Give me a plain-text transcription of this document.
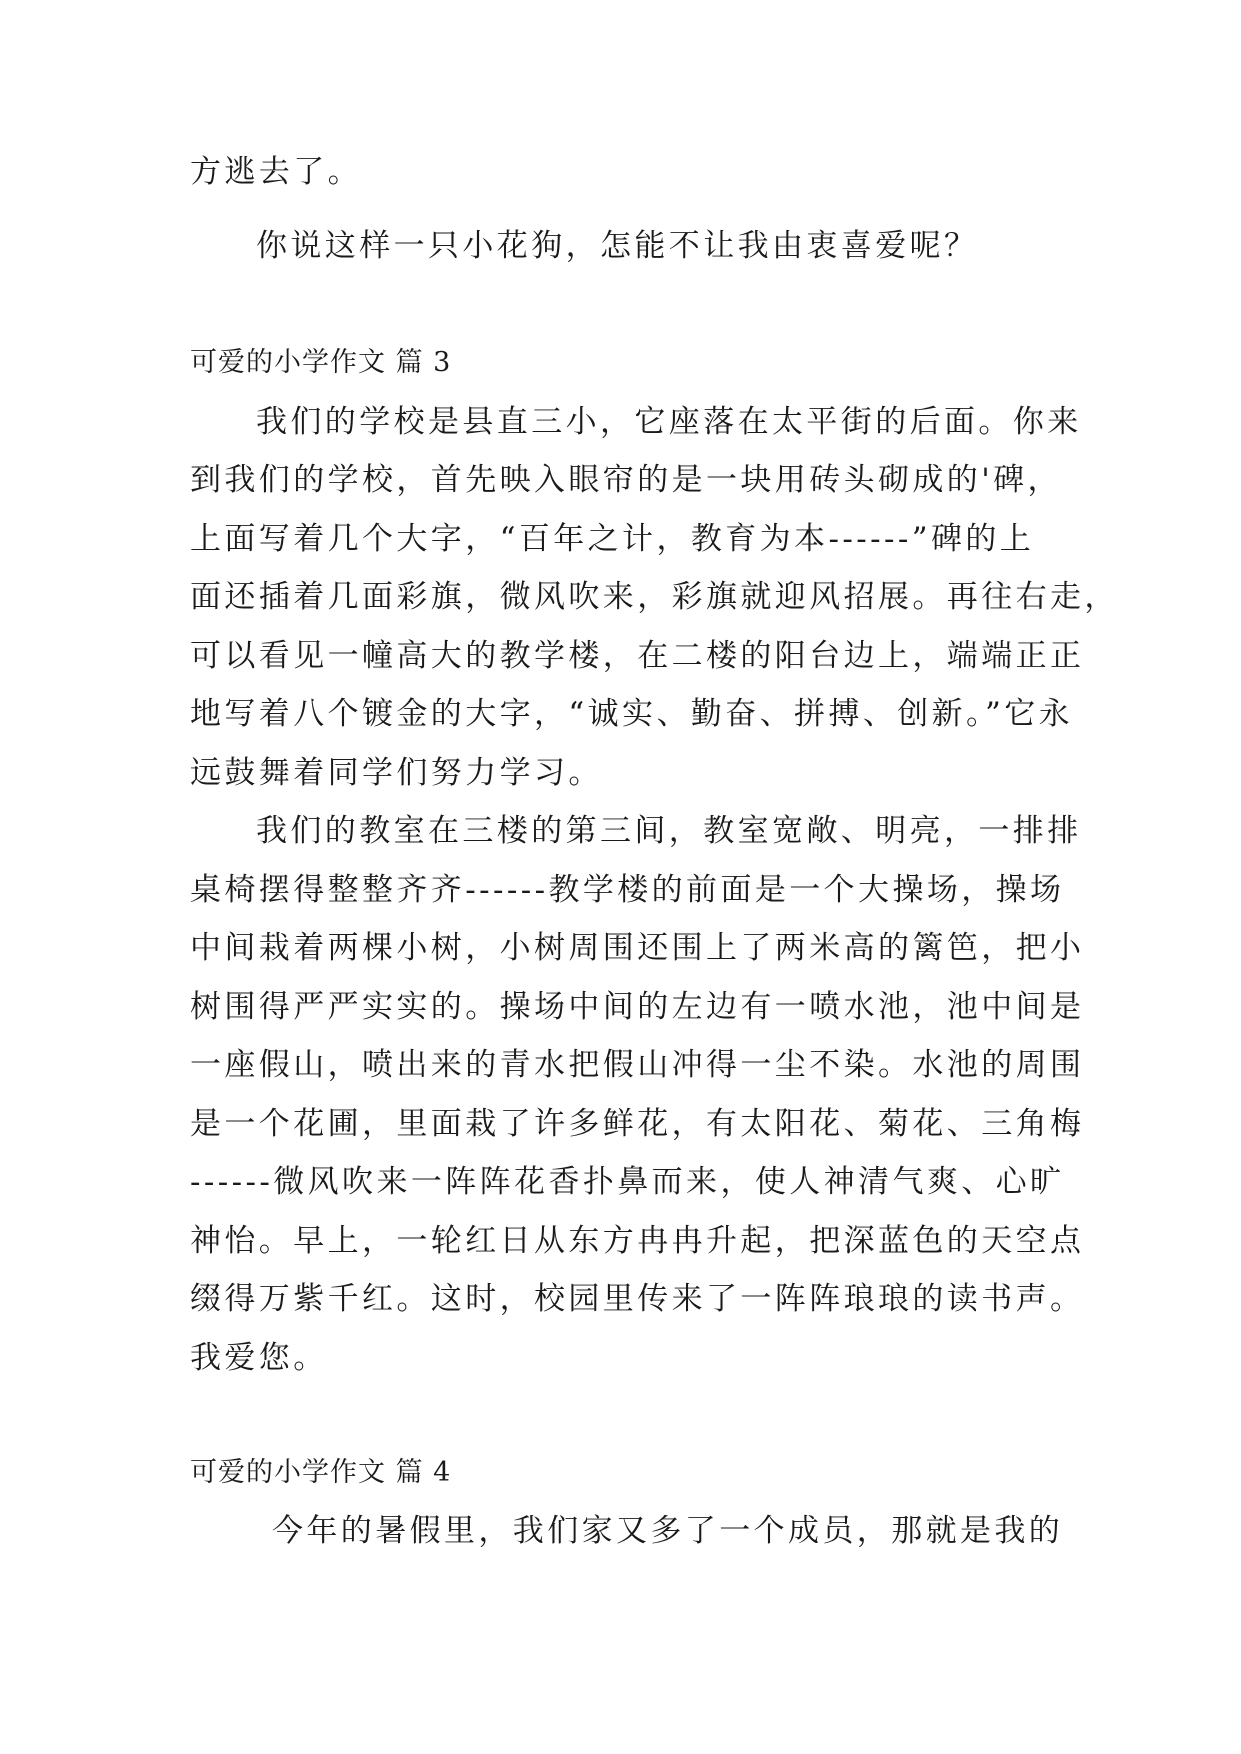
方逃去了。
你说这样一只小花狗，怎能不让我由衷喜爱呢？
可爱的小学作文 篇 3
我们的学校是县直三小，它座落在太平街的后面。你来
到我们的学校，首先映入眼帘的是一块用砖头砌成的'碑，
上面写着几个大字，“百年之计，教育为本------”碑的上
面还插着几面彩旗，微风吹来，彩旗就迎风招展。再往右走，
可以看见一幢高大的教学楼，在二楼的阳台边上，端端正正
地写着八个镀金的大字，“诚实、勤奋、拼搏、创新。”它永
远鼓舞着同学们努力学习。
我们的教室在三楼的第三间，教室宽敞、明亮，一排排
桌椅摆得整整齐齐------教学楼的前面是一个大操场，操场
中间栽着两棵小树，小树周围还围上了两米高的篱笆，把小
树围得严严实实的。操场中间的左边有一喷水池，池中间是
一座假山，喷出来的青水把假山冲得一尘不染。水池的周围
是一个花圃，里面栽了许多鲜花，有太阳花、菊花、三角梅
------微风吹来一阵阵花香扑鼻而来，使人神清气爽、心旷
神怡。早上，一轮红日从东方冉冉升起，把深蓝色的天空点
缀得万紫千红。这时，校园里传来了一阵阵琅琅的读书声。
我爱您。
可爱的小学作文 篇 4
今年的暑假里，我们家又多了一个成员，那就是我的
